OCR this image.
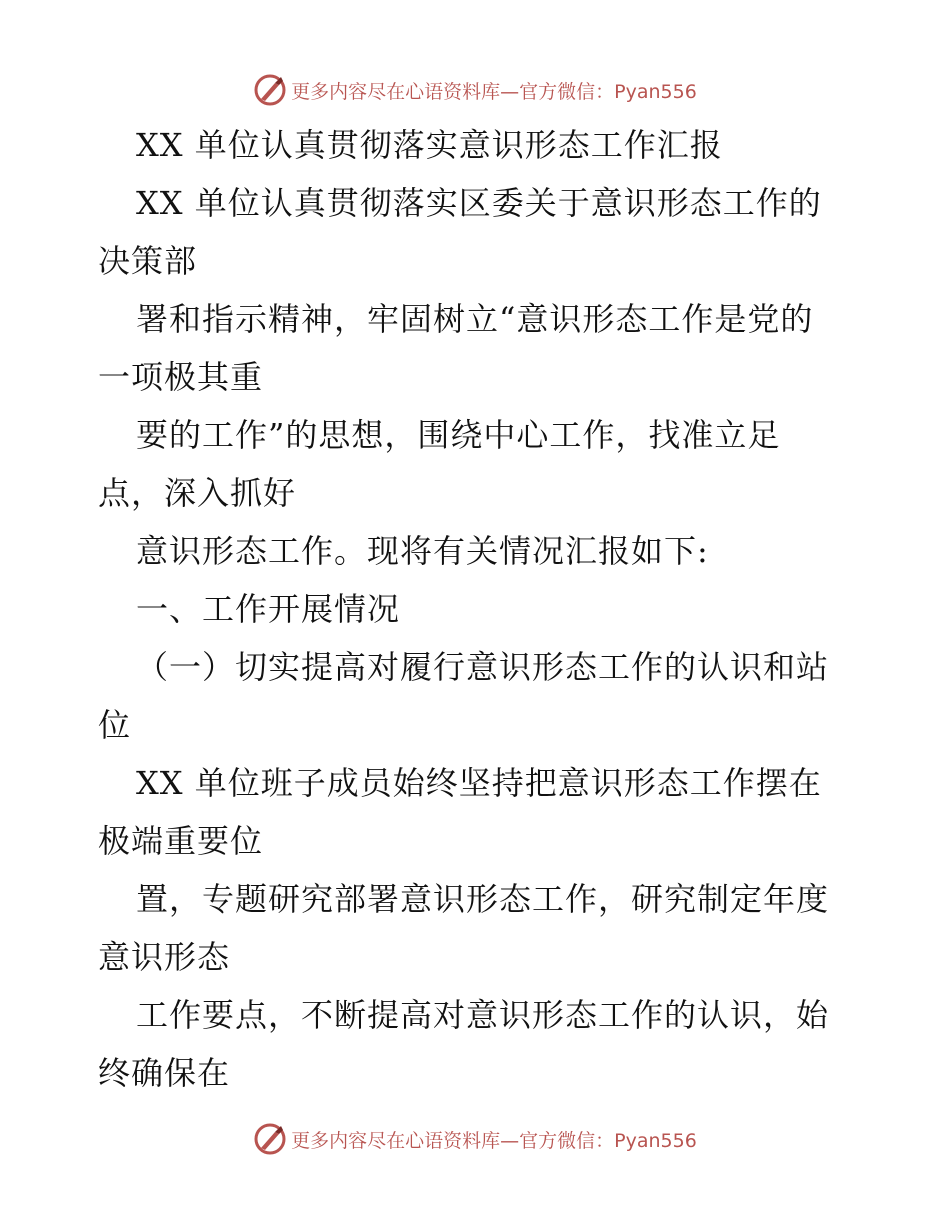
更多内容尽在心语资料库—官方微信：Pyan556
XX 单位认真贯彻落实意识形态工作汇报
XX 单位认真贯彻落实区委关于意识形态工作的
决策部
署和指示精神，牢固树立“意识形态工作是党的
一项极其重
要的工作”的思想，围绕中心工作，找准立足
点，深入抓好
意识形态工作。现将有关情况汇报如下:
一、工作开展情况
（一）切实提高对履行意识形态工作的认识和站
位
XX 单位班子成员始终坚持把意识形态工作摆在
极端重要位
置，专题研究部署意识形态工作，研究制定年度
意识形态
工作要点，不断提高对意识形态工作的认识，始
终确保在
更多内容尽在心语资料库—官方微信：Pyan556
